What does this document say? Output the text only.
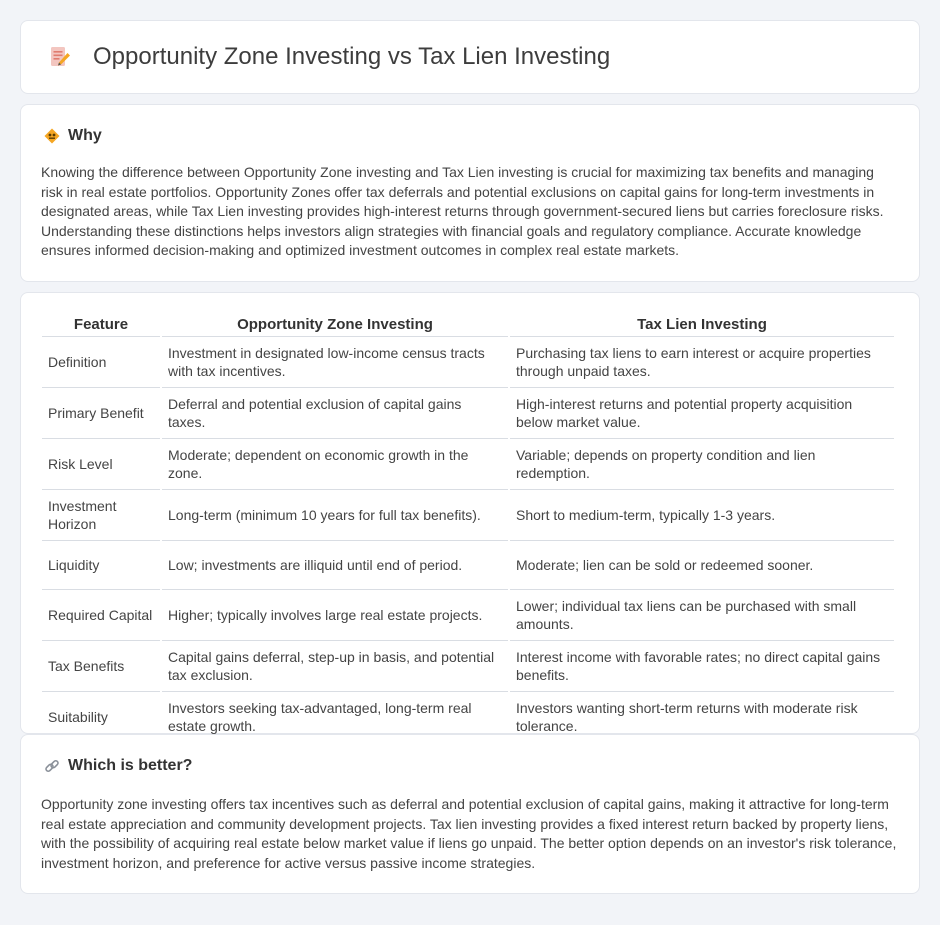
Opportunity Zone Investing vs Tax Lien Investing
Why

Knowing the difference between Opportunity Zone investing and Tax Lien investing is crucial for maximizing tax benefits and managing risk in real estate portfolios. Opportunity Zones offer tax deferrals and potential exclusions on capital gains for long-term investments in designated areas, while Tax Lien investing provides high-interest returns through government-secured liens but carries foreclosure risks. Understanding these distinctions helps investors align strategies with financial goals and regulatory compliance. Accurate knowledge ensures informed decision-making and optimized investment outcomes in complex real estate markets.

Feature	Opportunity Zone Investing	Tax Lien Investing
Definition	Investment in designated low-income census tracts with tax incentives.	Purchasing tax liens to earn interest or acquire properties through unpaid taxes.
Primary Benefit	Deferral and potential exclusion of capital gains taxes.	High-interest returns and potential property acquisition below market value.
Risk Level	Moderate; dependent on economic growth in the zone.	Variable; depends on property condition and lien redemption.
Investment Horizon	Long-term (minimum 10 years for full tax benefits).	Short to medium-term, typically 1-3 years.
Liquidity	Low; investments are illiquid until end of period.	Moderate; lien can be sold or redeemed sooner.
Required Capital	Higher; typically involves large real estate projects.	Lower; individual tax liens can be purchased with small amounts.
Tax Benefits	Capital gains deferral, step-up in basis, and potential tax exclusion.	Interest income with favorable rates; no direct capital gains benefits.
Suitability	Investors seeking tax-advantaged, long-term real estate growth.	Investors wanting short-term returns with moderate risk tolerance.
Which is better?

Opportunity zone investing offers tax incentives such as deferral and potential exclusion of capital gains, making it attractive for long-term real estate appreciation and community development projects. Tax lien investing provides a fixed interest return backed by property liens, with the possibility of acquiring real estate below market value if liens go unpaid. The better option depends on an investor's risk tolerance, investment horizon, and preference for active versus passive income strategies.
